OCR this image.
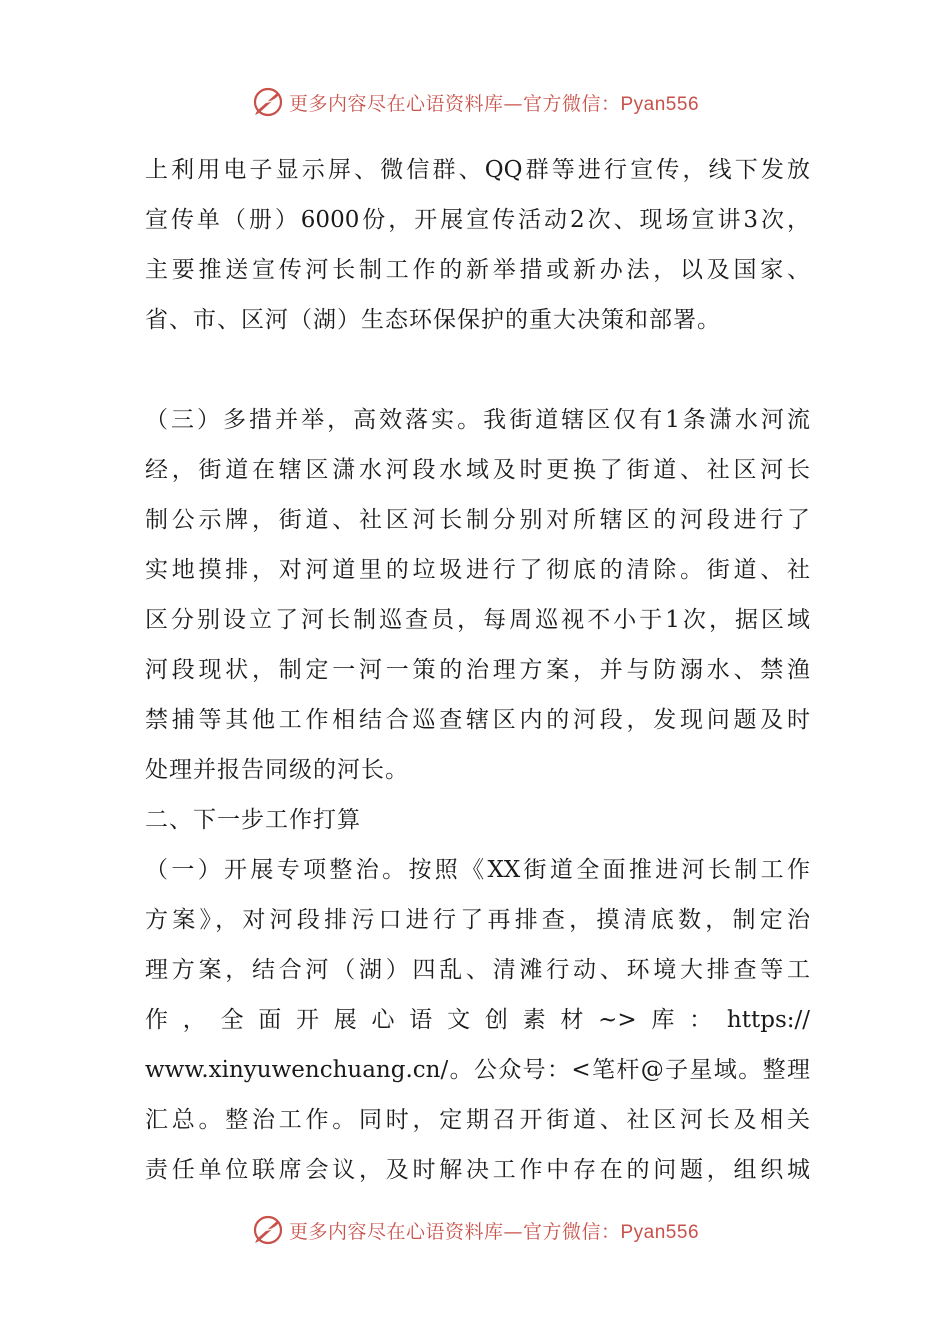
更多内容尽在心语资料库—官方微信：Pyan556
上利用电子显示屏、微信群、QQ群等进行宣传，线下发放
宣传单（册）6000份，开展宣传活动2次、现场宣讲3次，
主要推送宣传河长制工作的新举措或新办法，以及国家、
省、市、区河（湖）生态环保保护的重大决策和部署。
（三）多措并举，高效落实。我街道辖区仅有1条潇水河流
经，街道在辖区潇水河段水域及时更换了街道、社区河长
制公示牌，街道、社区河长制分别对所辖区的河段进行了
实地摸排，对河道里的垃圾进行了彻底的清除。街道、社
区分别设立了河长制巡查员，每周巡视不小于1次，据区域
河段现状，制定一河一策的治理方案，并与防溺水、禁渔
禁捕等其他工作相结合巡查辖区内的河段，发现问题及时
处理并报告同级的河长。
二、下一步工作打算
（一）开展专项整治。按照《XX街道全面推进河长制工作
方案》，对河段排污口进行了再排查，摸清底数，制定治
理方案，结合河（湖）四乱、清滩行动、环境大排查等工
作，全面开展心语文创素材~>库：https://
www.xinyuwenchuang.cn/。公众号：<笔杆@子星域。整理
汇总。整治工作。同时，定期召开街道、社区河长及相关
责任单位联席会议，及时解决工作中存在的问题，组织城
更多内容尽在心语资料库—官方微信：Pyan556
